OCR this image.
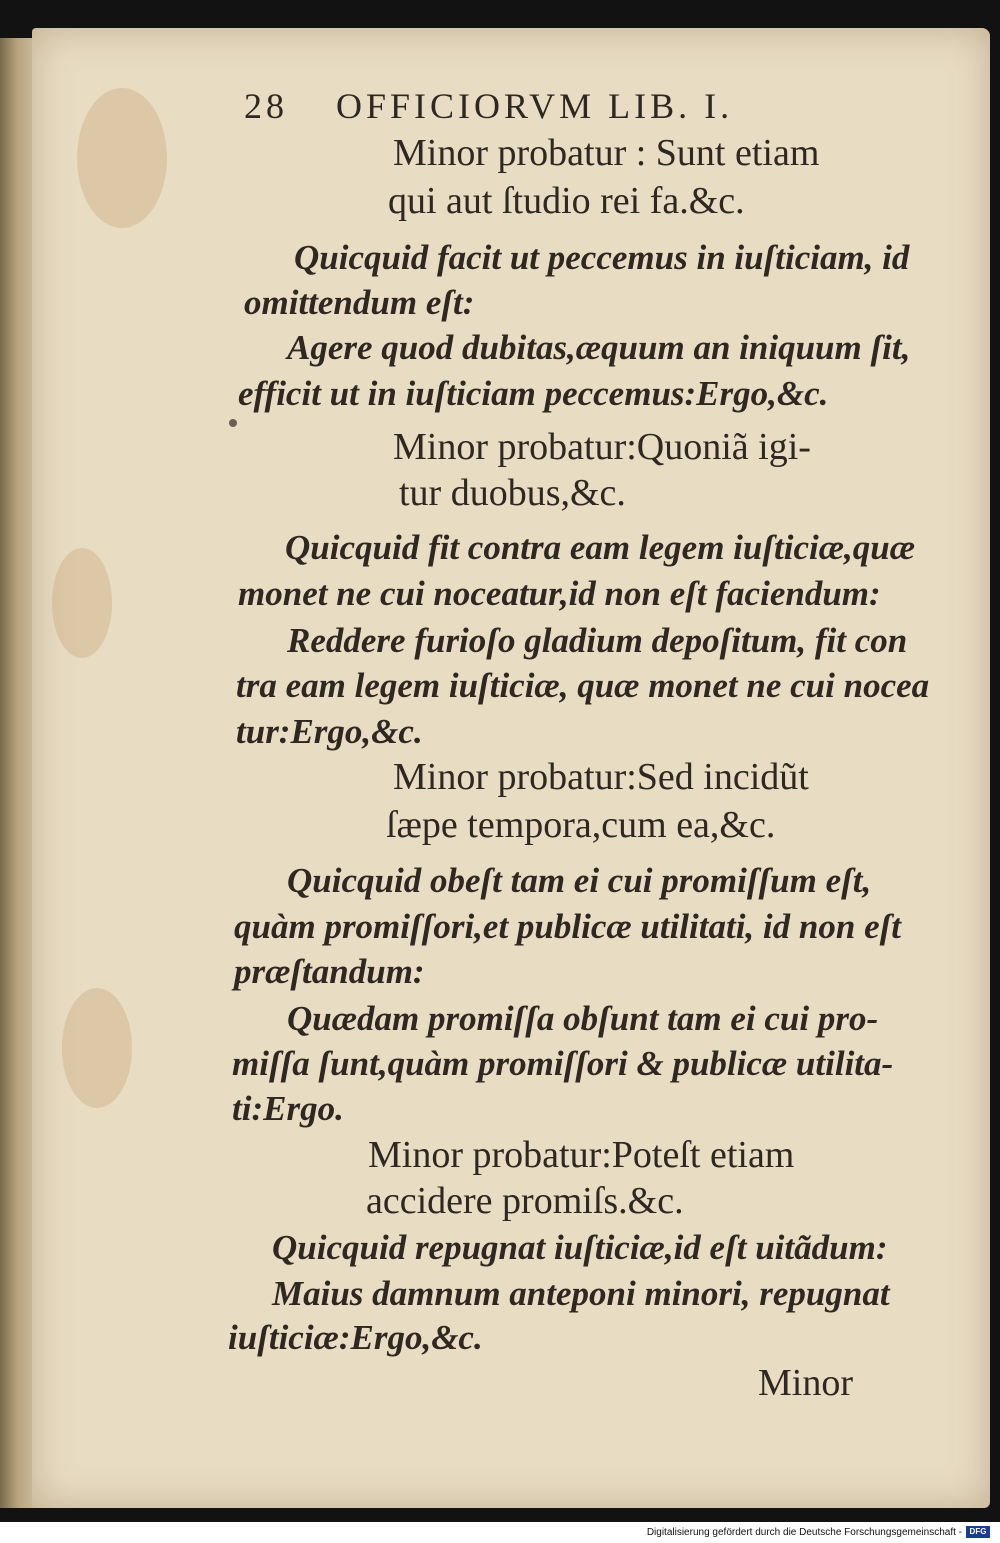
28 OFFICIORVM LIB. I.

Minor probatur : Sunt etiam

qui aut ſtudio rei fa.&c.

Quicquid facit ut peccemus in iuſticiam, id

omittendum eſt:

Agere quod dubitas,æquum an iniquum ſit,

efficit ut in iuſticiam peccemus:Ergo,&c.

Minor probatur:Quoniã igi-

tur duobus,&c.

Quicquid fit contra eam legem iuſticiæ,quæ

monet ne cui noceatur,id non eſt faciendum:

Reddere furioſo gladium depoſitum, fit con

tra eam legem iuſticiæ, quæ monet ne cui nocea

tur:Ergo,&c.

Minor probatur:Sed incidũt

ſæpe tempora,cum ea,&c.

Quicquid obeſt tam ei cui promiſſum eſt,

quàm promiſſori,et publicæ utilitati, id non eſt

præſtandum:

Quædam promiſſa obſunt tam ei cui pro-

miſſa ſunt,quàm promiſſori & publicæ utilita-

ti:Ergo.

Minor probatur:Poteſt etiam

accidere promiſs.&c.

Quicquid repugnat iuſticiæ,id eſt uitãdum:

Maius damnum anteponi minori, repugnat

iuſticiæ:Ergo,&c.

Minor

Digitalisierung gefördert durch die Deutsche Forschungsgemeinschaft - DFG
